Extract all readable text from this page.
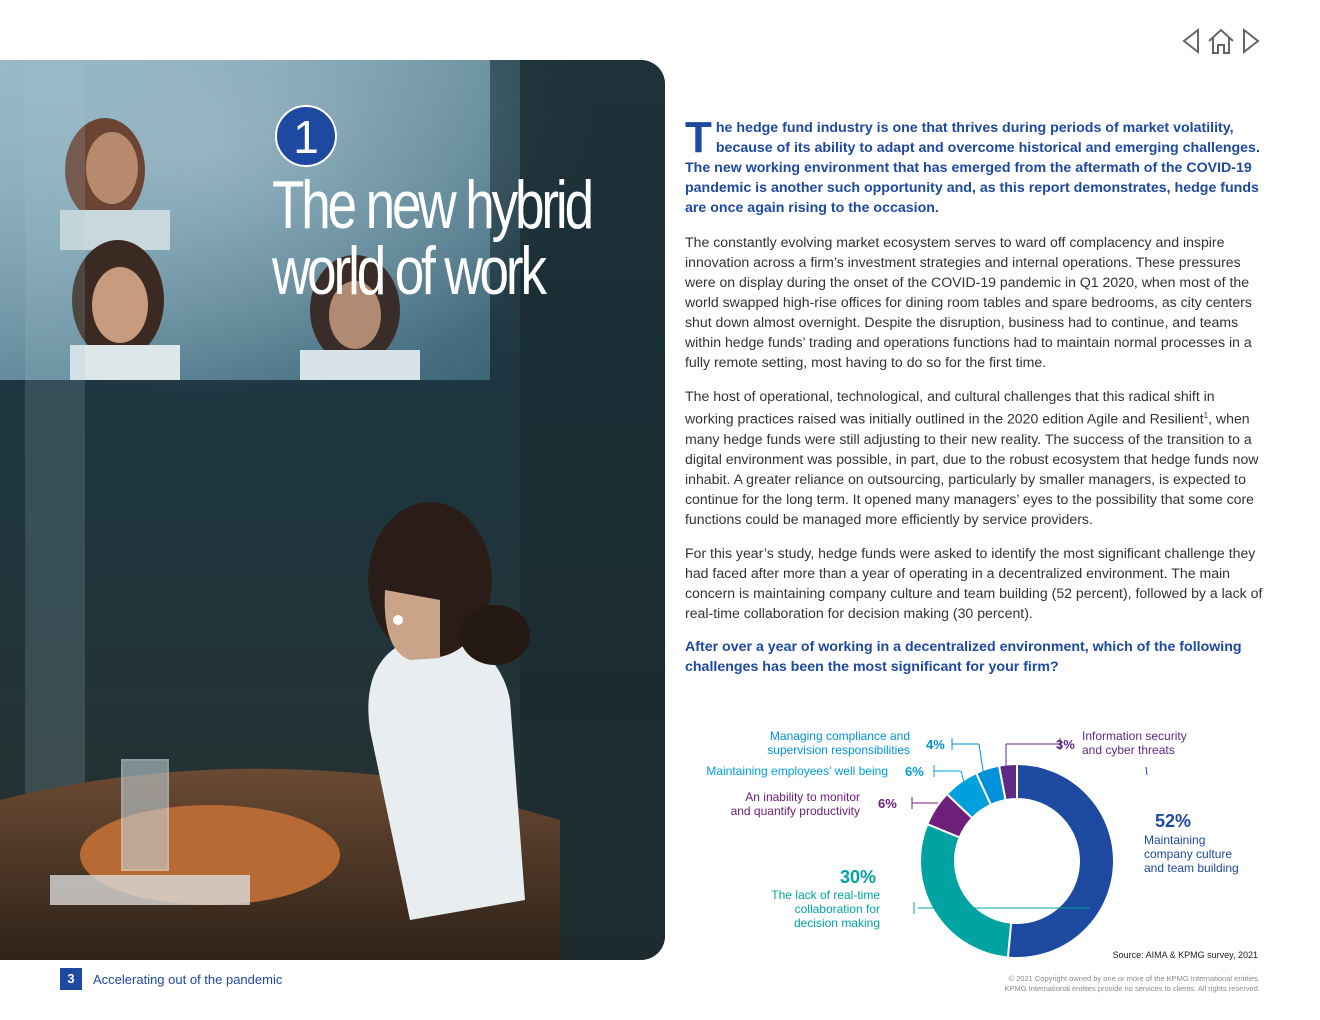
1
The new hybrid
world of work

The hedge fund industry is one that thrives during periods of market volatility, because of its ability to adapt and overcome historical and emerging challenges. The new working environment that has emerged from the aftermath of the COVID-19 pandemic is another such opportunity and, as this report demonstrates, hedge funds are once again rising to the occasion.

The constantly evolving market ecosystem serves to ward off complacency and inspire innovation across a firm’s investment strategies and internal operations. These pressures were on display during the onset of the COVID-19 pandemic in Q1 2020, when most of the world swapped high-rise offices for dining room tables and spare bedrooms, as city centers shut down almost overnight. Despite the disruption, business had to continue, and teams within hedge funds’ trading and operations functions had to maintain normal processes in a fully remote setting, most having to do so for the first time.

The host of operational, technological, and cultural challenges that this radical shift in working practices raised was initially outlined in the 2020 edition Agile and Resilient$^1$, when many hedge funds were still adjusting to their new reality. The success of the transition to a digital environment was possible, in part, due to the robust ecosystem that hedge funds now inhabit. A greater reliance on outsourcing, particularly by smaller managers, is expected to continue for the long term. It opened many managers’ eyes to the possibility that some core functions could be managed more efficiently by service providers.

For this year’s study, hedge funds were asked to identify the most significant challenge they had faced after more than a year of operating in a decentralized environment. The main concern is maintaining company culture and team building (52 percent), followed by a lack of real-time collaboration for decision making (30 percent).

After over a year of working in a decentralized environment, which of the following challenges has been the most significant for your firm?

52%
Maintaining
company culture
and team building
30%
The lack of real-time
collaboration for
decision making
6%
An inability to monitor
and quantify productivity
6%
Maintaining employees’ well being
4%
Managing compliance and
supervision responsibilities	3%
Information security
and cyber threats
Source: AIMA & KPMG survey, 2021
3	Accelerating out of the pandemic	© 2021 Copyright owned by one or more of the KPMG International entities.
KPMG International entities provide no services to clients. All rights reserved.
